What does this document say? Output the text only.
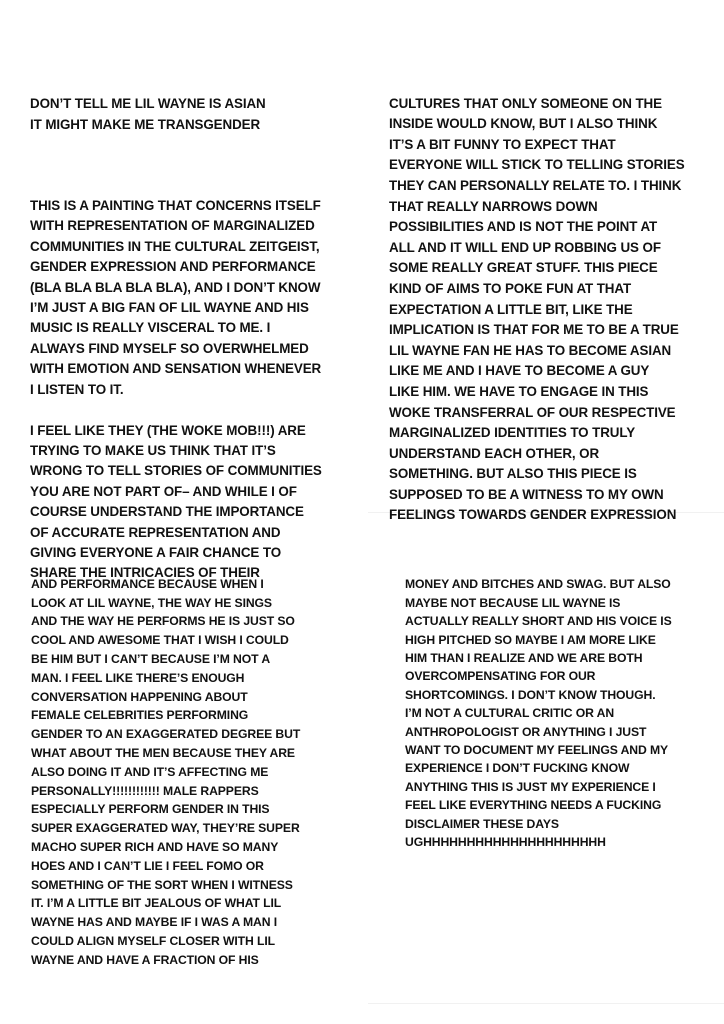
DON’T TELL ME LIL WAYNE IS ASIAN
IT MIGHT MAKE ME TRANSGENDER

THIS IS A PAINTING THAT CONCERNS ITSELF
WITH REPRESENTATION OF MARGINALIZED
COMMUNITIES IN THE CULTURAL ZEITGEIST,
GENDER EXPRESSION AND PERFORMANCE
(BLA BLA BLA BLA BLA), AND I DON’T KNOW
I’M JUST A BIG FAN OF LIL WAYNE AND HIS
MUSIC IS REALLY VISCERAL TO ME. I
ALWAYS FIND MYSELF SO OVERWHELMED
WITH EMOTION AND SENSATION WHENEVER
I LISTEN TO IT.

I FEEL LIKE THEY (THE WOKE MOB!!!) ARE
TRYING TO MAKE US THINK THAT IT’S
WRONG TO TELL STORIES OF COMMUNITIES
YOU ARE NOT PART OF– AND WHILE I OF
COURSE UNDERSTAND THE IMPORTANCE
OF ACCURATE REPRESENTATION AND
GIVING EVERYONE A FAIR CHANCE TO
SHARE THE INTRICACIES OF THEIR

CULTURES THAT ONLY SOMEONE ON THE
INSIDE WOULD KNOW, BUT I ALSO THINK
IT’S A BIT FUNNY TO EXPECT THAT
EVERYONE WILL STICK TO TELLING STORIES
THEY CAN PERSONALLY RELATE TO. I THINK
THAT REALLY NARROWS DOWN
POSSIBILITIES AND IS NOT THE POINT AT
ALL AND IT WILL END UP ROBBING US OF
SOME REALLY GREAT STUFF. THIS PIECE
KIND OF AIMS TO POKE FUN AT THAT
EXPECTATION A LITTLE BIT, LIKE THE
IMPLICATION IS THAT FOR ME TO BE A TRUE
LIL WAYNE FAN HE HAS TO BECOME ASIAN
LIKE ME AND I HAVE TO BECOME A GUY
LIKE HIM. WE HAVE TO ENGAGE IN THIS
WOKE TRANSFERRAL OF OUR RESPECTIVE
MARGINALIZED IDENTITIES TO TRULY
UNDERSTAND EACH OTHER, OR
SOMETHING. BUT ALSO THIS PIECE IS
SUPPOSED TO BE A WITNESS TO MY OWN
FEELINGS TOWARDS GENDER EXPRESSION

AND PERFORMANCE BECAUSE WHEN I
LOOK AT LIL WAYNE, THE WAY HE SINGS
AND THE WAY HE PERFORMS HE IS JUST SO
COOL AND AWESOME THAT I WISH I COULD
BE HIM BUT I CAN’T BECAUSE I’M NOT A
MAN. I FEEL LIKE THERE’S ENOUGH
CONVERSATION HAPPENING ABOUT
FEMALE CELEBRITIES PERFORMING
GENDER TO AN EXAGGERATED DEGREE BUT
WHAT ABOUT THE MEN BECAUSE THEY ARE
ALSO DOING IT AND IT’S AFFECTING ME
PERSONALLY!!!!!!!!!!!! MALE RAPPERS
ESPECIALLY PERFORM GENDER IN THIS
SUPER EXAGGERATED WAY, THEY’RE SUPER
MACHO SUPER RICH AND HAVE SO MANY
HOES AND I CAN’T LIE I FEEL FOMO OR
SOMETHING OF THE SORT WHEN I WITNESS
IT. I’M A LITTLE BIT JEALOUS OF WHAT LIL
WAYNE HAS AND MAYBE IF I WAS A MAN I
COULD ALIGN MYSELF CLOSER WITH LIL
WAYNE AND HAVE A FRACTION OF HIS

MONEY AND BITCHES AND SWAG. BUT ALSO
MAYBE NOT BECAUSE LIL WAYNE IS
ACTUALLY REALLY SHORT AND HIS VOICE IS
HIGH PITCHED SO MAYBE I AM MORE LIKE
HIM THAN I REALIZE AND WE ARE BOTH
OVERCOMPENSATING FOR OUR
SHORTCOMINGS. I DON’T KNOW THOUGH.
I’M NOT A CULTURAL CRITIC OR AN
ANTHROPOLOGIST OR ANYTHING I JUST
WANT TO DOCUMENT MY FEELINGS AND MY
EXPERIENCE I DON’T FUCKING KNOW
ANYTHING THIS IS JUST MY EXPERIENCE I
FEEL LIKE EVERYTHING NEEDS A FUCKING
DISCLAIMER THESE DAYS
UGHHHHHHHHHHHHHHHHHHHHH
